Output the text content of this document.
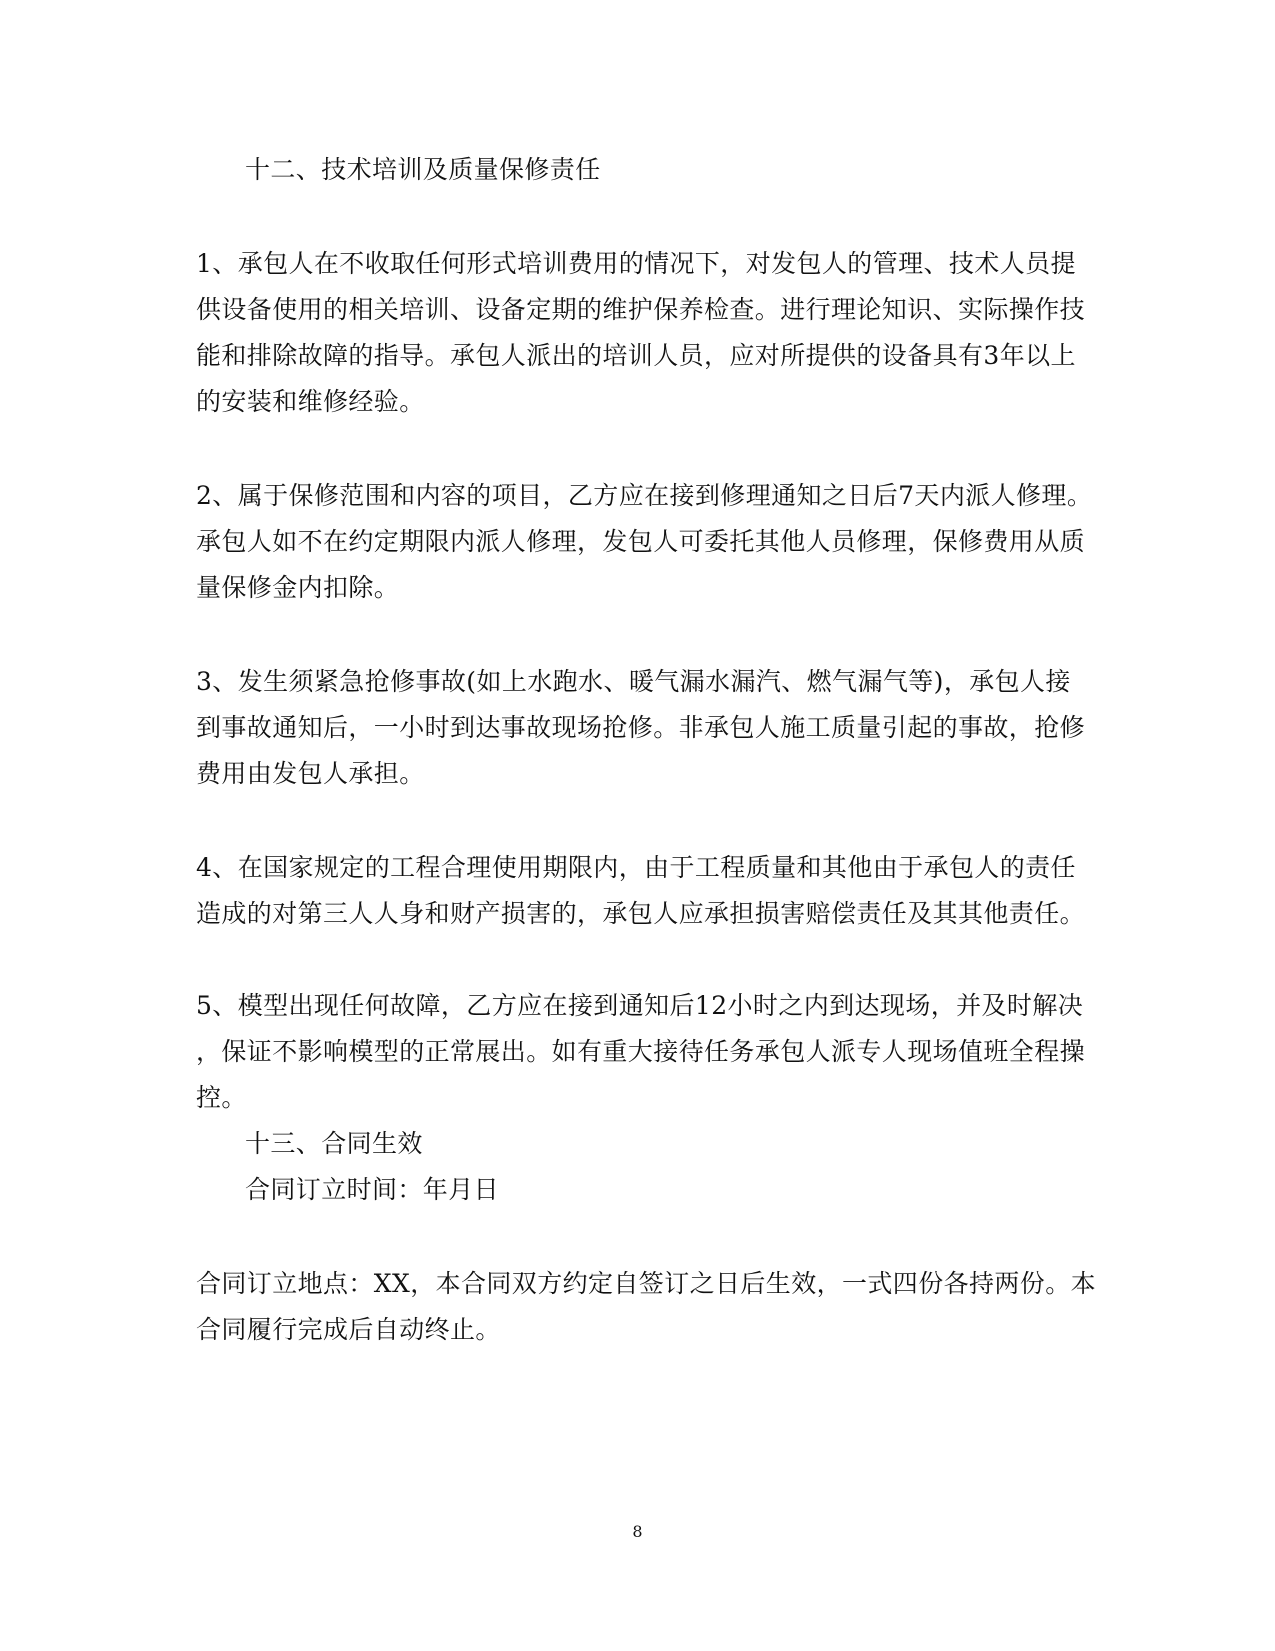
十二、技术培训及质量保修责任
1、承包人在不收取任何形式培训费用的情况下，对发包人的管理、技术人员提
供设备使用的相关培训、设备定期的维护保养检查。进行理论知识、实际操作技
能和排除故障的指导。承包人派出的培训人员，应对所提供的设备具有3年以上
的安装和维修经验。
2、属于保修范围和内容的项目，乙方应在接到修理通知之日后7天内派人修理。
承包人如不在约定期限内派人修理，发包人可委托其他人员修理，保修费用从质
量保修金内扣除。
3、发生须紧急抢修事故(如上水跑水、暖气漏水漏汽、燃气漏气等)，承包人接
到事故通知后，一小时到达事故现场抢修。非承包人施工质量引起的事故，抢修
费用由发包人承担。
4、在国家规定的工程合理使用期限内，由于工程质量和其他由于承包人的责任
造成的对第三人人身和财产损害的，承包人应承担损害赔偿责任及其其他责任。
5、模型出现任何故障，乙方应在接到通知后12小时之内到达现场，并及时解决
，保证不影响模型的正常展出。如有重大接待任务承包人派专人现场值班全程操
控。
十三、合同生效
合同订立时间：年月日
合同订立地点：XX，本合同双方约定自签订之日后生效，一式四份各持两份。本
合同履行完成后自动终止。
8
